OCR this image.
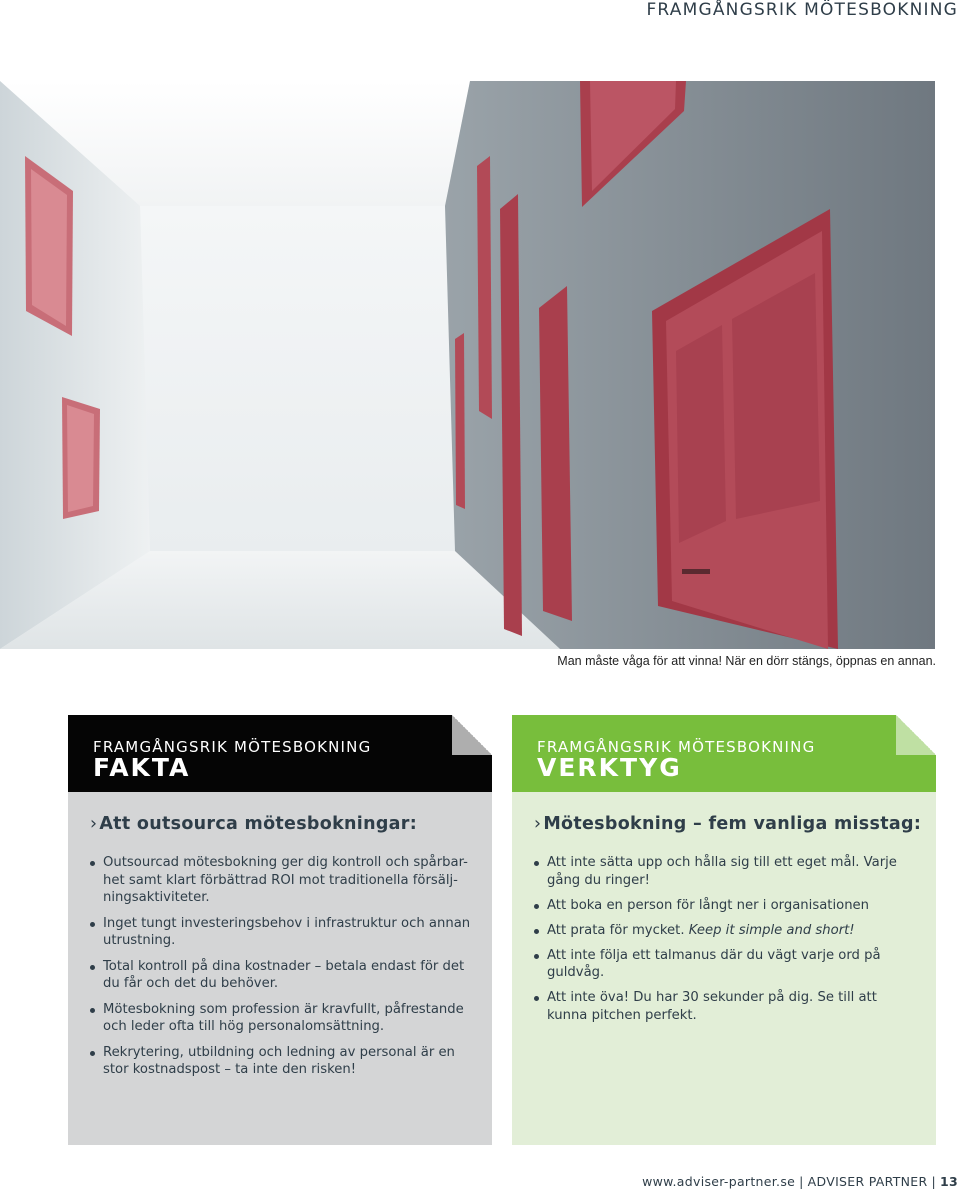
FRAMGÅNGSRIK MÖTESBOKNING
Man måste våga för att vinna! När en dörr stängs, öppnas en annan.
FRAMGÅNGSRIK MÖTESBOKNING
FAKTA
› Att outsourca mötesbokningar:
Outsourcad mötesbokning ger dig kontroll och spårbar-het samt klart förbättrad ROI mot traditionella försälj-ningsaktiviteter.
Inget tungt investeringsbehov i infrastruktur och annan utrustning.
Total kontroll på dina kostnader – betala endast för det du får och det du behöver.
Mötesbokning som profession är kravfullt, påfrestande och leder ofta till hög personalomsättning.
Rekrytering, utbildning och ledning av personal är en stor kostnadspost – ta inte den risken!
FRAMGÅNGSRIK MÖTESBOKNING
VERKTYG
› Mötesbokning – fem vanliga misstag:
Att inte sätta upp och hålla sig till ett eget mål. Varje gång du ringer!
Att boka en person för långt ner i organisationen
Att prata för mycket. Keep it simple and short!
Att inte följa ett talmanus där du vägt varje ord på guldvåg.
Att inte öva! Du har 30 sekunder på dig. Se till att kunna pitchen perfekt.
www.adviser-partner.se | ADVISER PARTNER | 13
